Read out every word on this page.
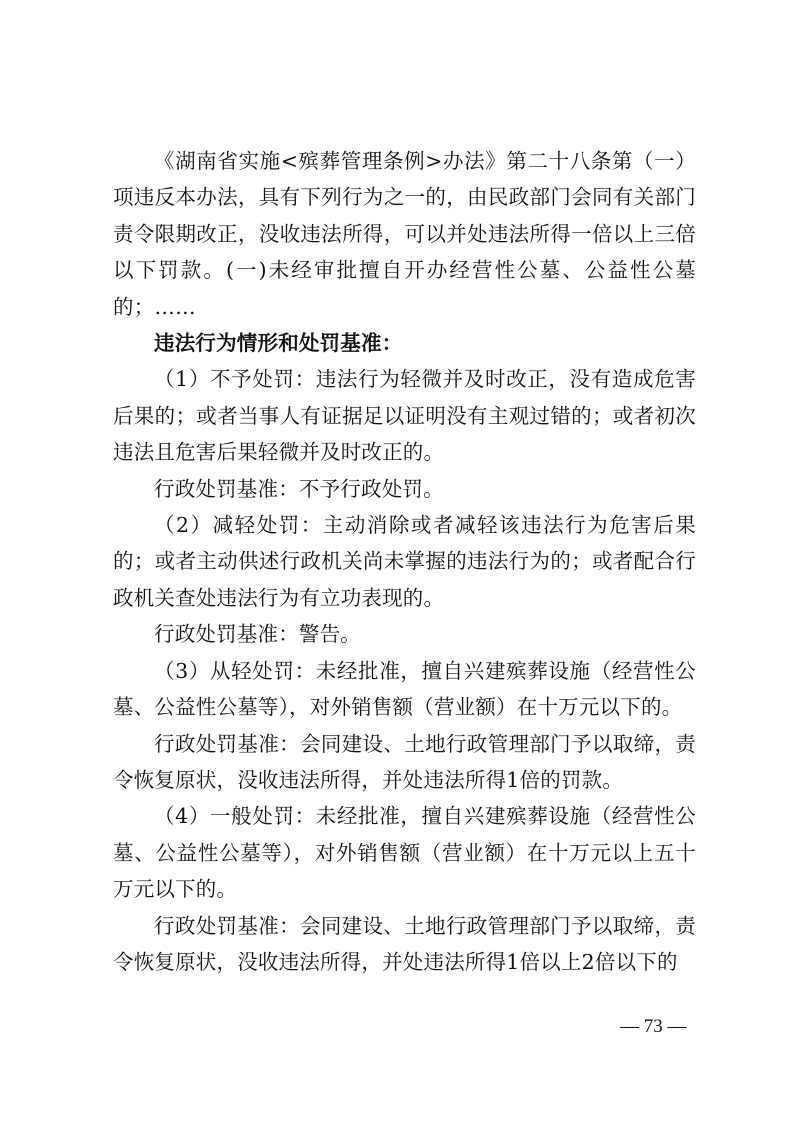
《湖南省实施<殡葬管理条例>办法》第二十八条第（一）项违反本办法，具有下列行为之一的，由民政部门会同有关部门责令限期改正，没收违法所得，可以并处违法所得一倍以上三倍以下罚款。(一)未经审批擅自开办经营性公墓、公益性公墓的；……

违法行为情形和处罚基准：

（1）不予处罚：违法行为轻微并及时改正，没有造成危害后果的；或者当事人有证据足以证明没有主观过错的；或者初次违法且危害后果轻微并及时改正的。

行政处罚基准：不予行政处罚。

（2）减轻处罚：主动消除或者减轻该违法行为危害后果的；或者主动供述行政机关尚未掌握的违法行为的；或者配合行政机关查处违法行为有立功表现的。

行政处罚基准：警告。

（3）从轻处罚：未经批准，擅自兴建殡葬设施（经营性公墓、公益性公墓等），对外销售额（营业额）在十万元以下的。

行政处罚基准：会同建设、土地行政管理部门予以取缔，责令恢复原状，没收违法所得，并处违法所得1倍的罚款。

（4）一般处罚：未经批准，擅自兴建殡葬设施（经营性公墓、公益性公墓等），对外销售额（营业额）在十万元以上五十万元以下的。

行政处罚基准：会同建设、土地行政管理部门予以取缔，责令恢复原状，没收违法所得，并处违法所得1倍以上2倍以下的

— 73 —
